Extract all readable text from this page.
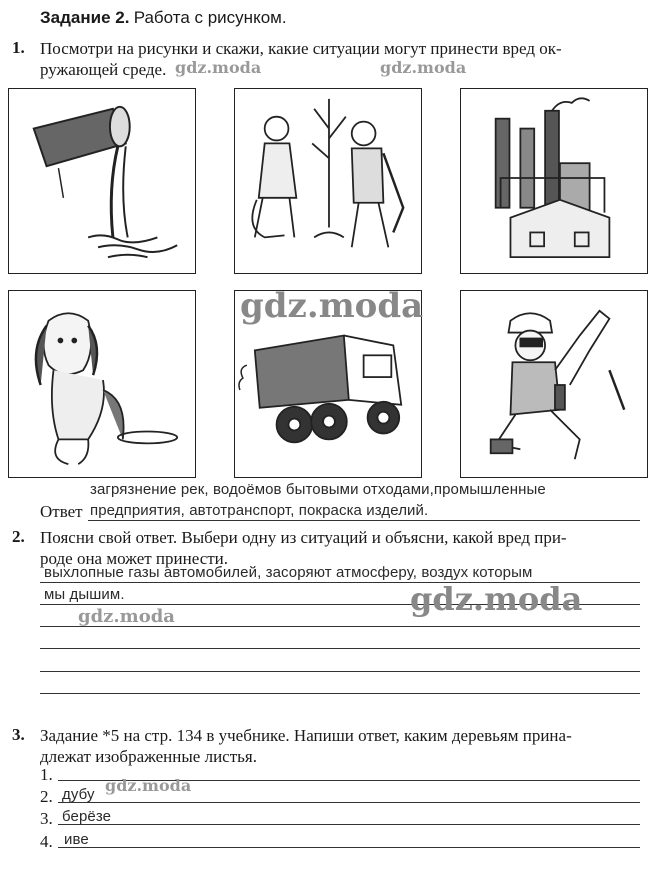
Задание 2. Работа с рисунком.
1. Посмотри на рисунки и скажи, какие ситуации могут принести вред ок-
ружающей среде.
загрязнение рек, водоёмов бытовыми отходами,промышленные
Ответ предприятия, автотранспорт, покраска изделий.
2. Поясни свой ответ. Выбери одну из ситуаций и объясни, какой вред при-
роде она может принести.
выхлопные газы автомобилей, засоряют атмосферу, воздух которым
мы дышим.
3. Задание *5 на стр. 134 в учебнике. Напиши ответ, каким деревьям прина-
длежат изображенные листья.
1.
2. дубу
3. берёзе
4. иве
gdz.moda	gdz.moda
gdz.moda
gdz.moda
gdz.moda
gdz.moda
